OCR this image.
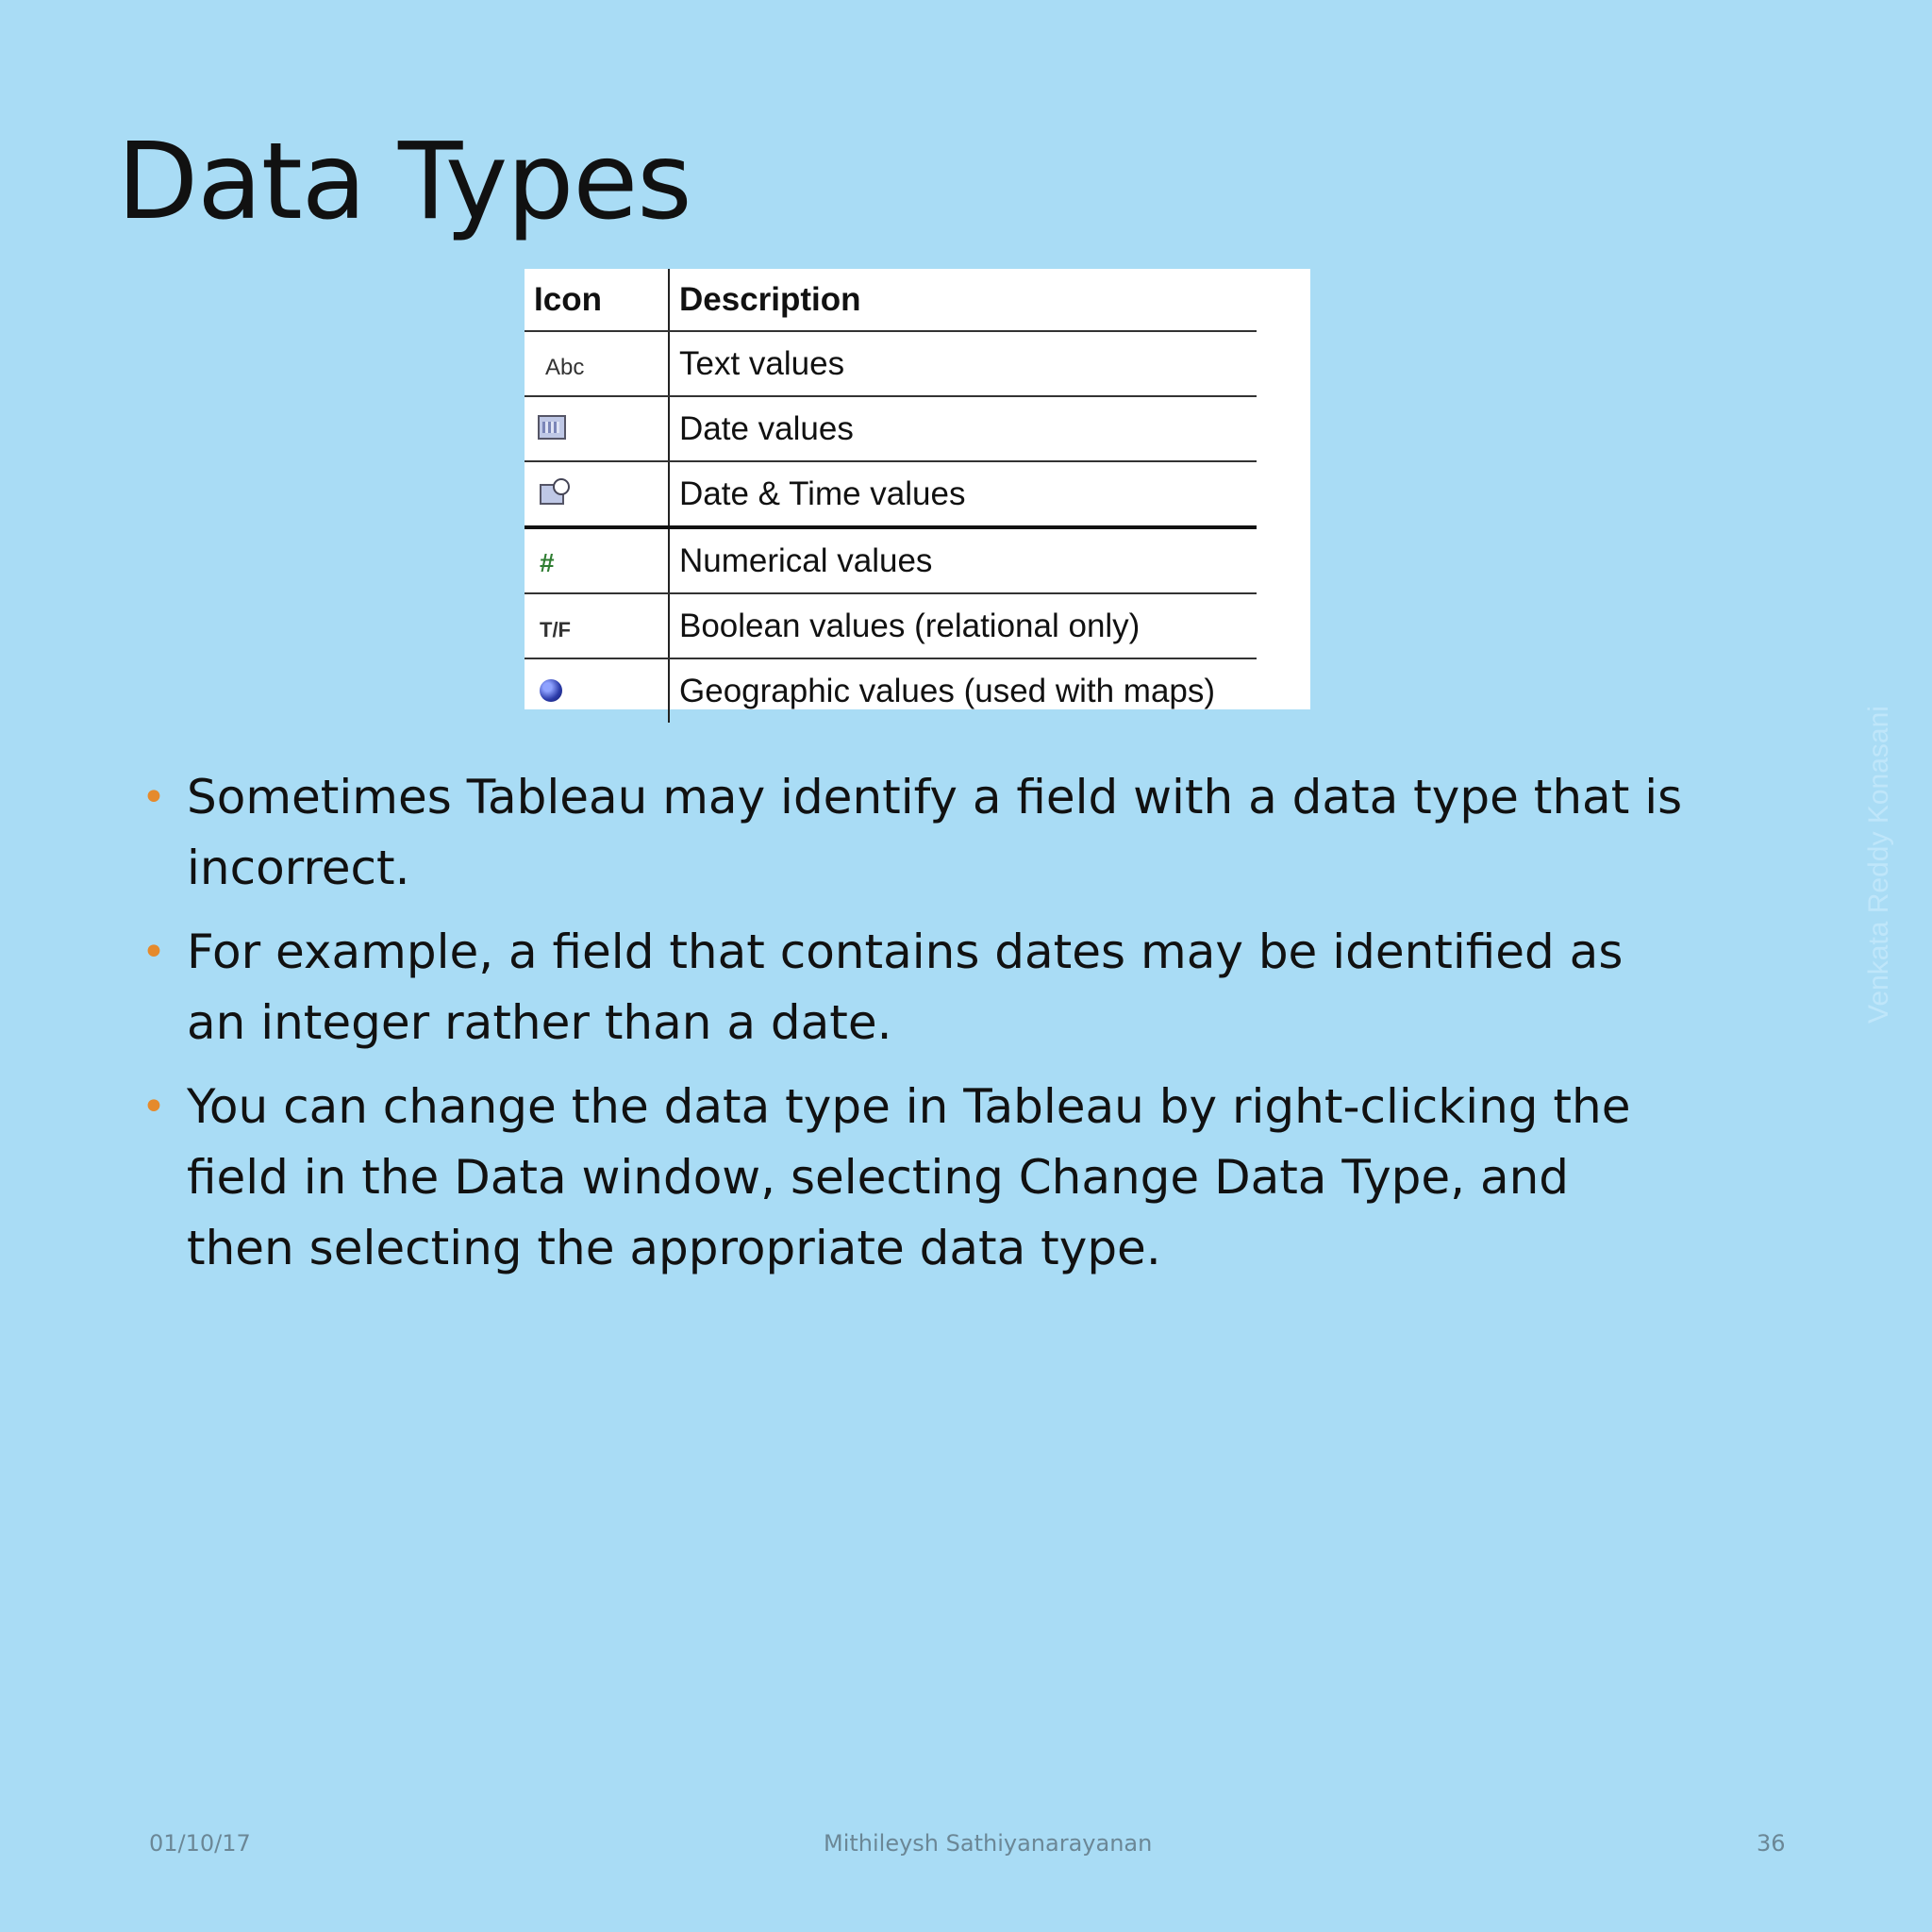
Data Types
Icon	Description
Abc	Text values
	Date values
	Date & Time values
#	Numerical values
T/F	Boolean values (relational only)
	Geographic values (used with maps)
• Sometimes Tableau may identify a field with a data type that is incorrect.
• For example, a field that contains dates may be identified as an integer rather than a date.
• You can change the data type in Tableau by right-clicking the field in the Data window, selecting Change Data Type, and then selecting the appropriate data type.
Venkata Reddy Konasani
01/10/17	Mithileysh Sathiyanarayanan	36
